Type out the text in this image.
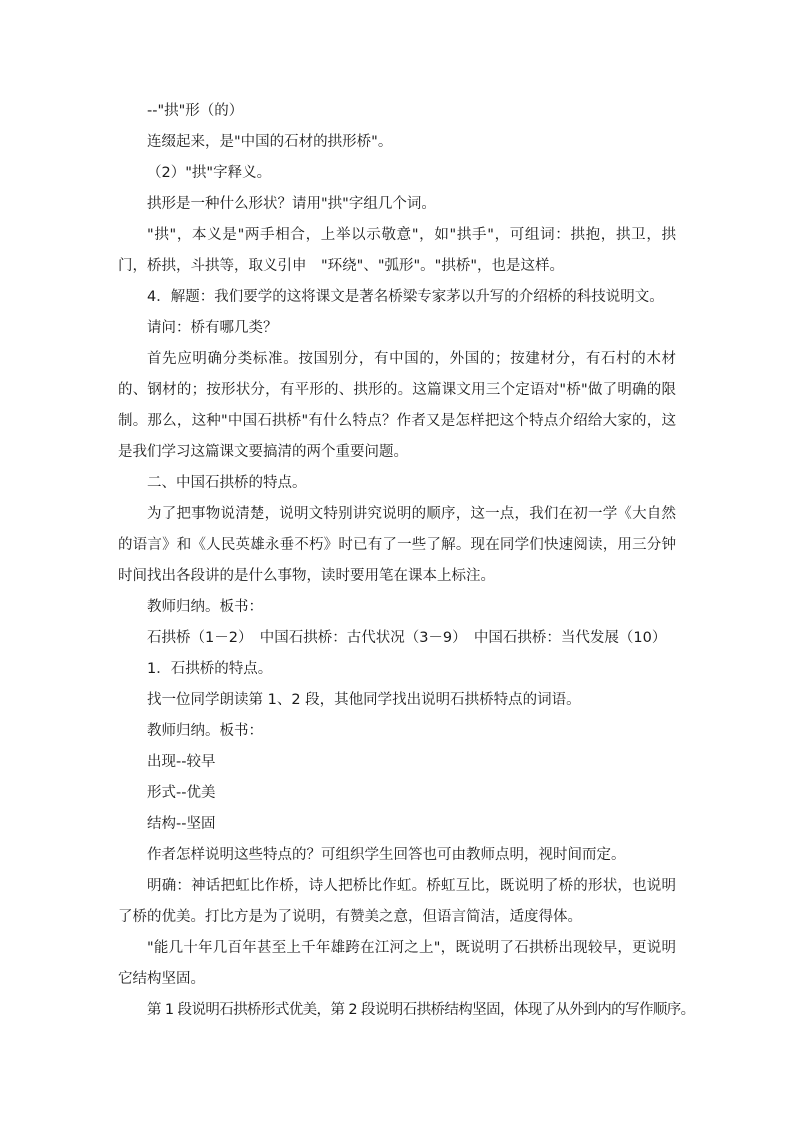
--"拱"形（的）

连缀起来，是"中国的石材的拱形桥"。

（2）"拱"字释义。

拱形是一种什么形状？请用"拱"字组几个词。

"拱"，本义是"两手相合，上举以示敬意"，如"拱手"，可组词：拱抱，拱卫，拱门，桥拱，斗拱等，取义引申　"环绕"、"弧形"。"拱桥"，也是这样。

4．解题：我们要学的这将课文是著名桥梁专家茅以升写的介绍桥的科技说明文。

请问：桥有哪几类？

首先应明确分类标准。按国别分，有中国的，外国的；按建材分，有石村的木材的、钢材的；按形状分，有平形的、拱形的。这篇课文用三个定语对"桥"做了明确的限制。那么，这种"中国石拱桥"有什么特点？作者又是怎样把这个特点介绍给大家的，这是我们学习这篇课文要搞清的两个重要问题。

二、中国石拱桥的特点。

为了把事物说清楚，说明文特别讲究说明的顺序，这一点，我们在初一学《大自然的语言》和《人民英雄永垂不朽》时已有了一些了解。现在同学们快速阅读，用三分钟时间找出各段讲的是什么事物，读时要用笔在课本上标注。

教师归纳。板书：

石拱桥（1－2）　中国石拱桥：古代状况（3－9）　中国石拱桥：当代发展（10）

1．石拱桥的特点。

找一位同学朗读第 1、2 段，其他同学找出说明石拱桥特点的词语。

教师归纳。板书：

出现--较早

形式--优美

结构--坚固

作者怎样说明这些特点的？可组织学生回答也可由教师点明，视时间而定。

明确：神话把虹比作桥，诗人把桥比作虹。桥虹互比，既说明了桥的形状，也说明了桥的优美。打比方是为了说明，有赞美之意，但语言简洁，适度得体。

"能几十年几百年甚至上千年雄跨在江河之上"，既说明了石拱桥出现较早，更说明它结构坚固。

第 1 段说明石拱桥形式优美，第 2 段说明石拱桥结构坚固，体现了从外到内的写作顺序。
